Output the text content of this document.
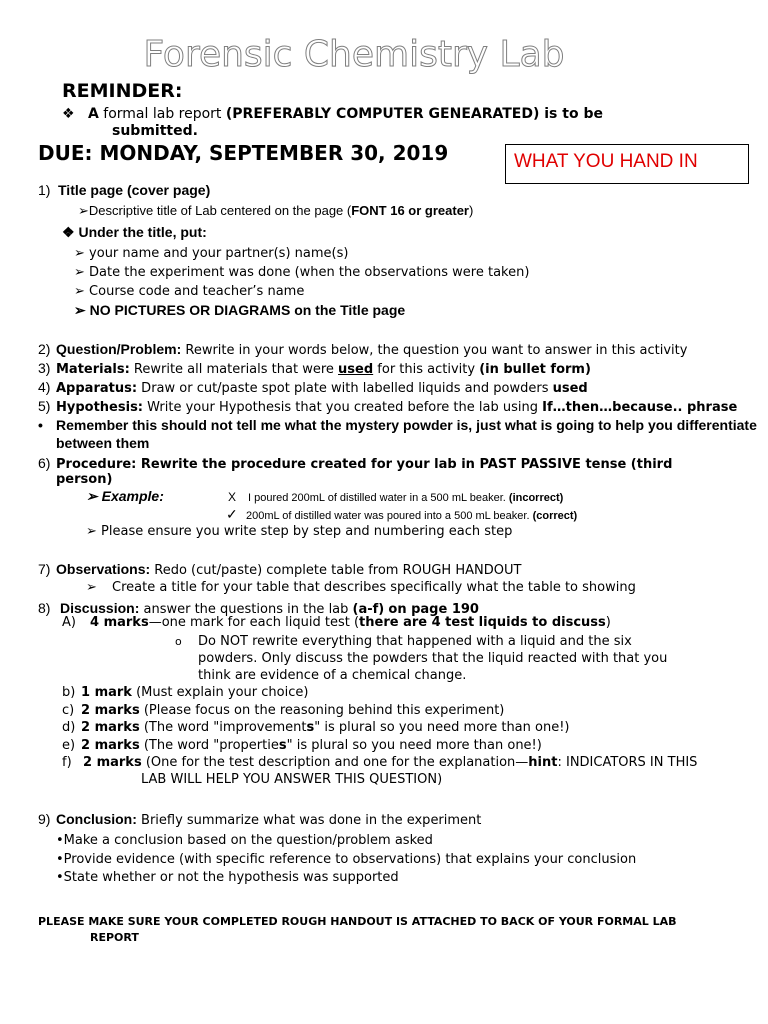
Forensic Chemistry Lab
REMINDER:
❖ A formal lab report (PREFERABLY COMPUTER GENEARATED) is to be
submitted.
DUE: MONDAY, SEPTEMBER 30, 2019	WHAT YOU HAND IN
1) Title page (cover page)
➢Descriptive title of Lab centered on the page (FONT 16 or greater)
❖ Under the title, put:
➢ your name and your partner(s) name(s)
➢ Date the experiment was done (when the observations were taken)
➢ Course code and teacher’s name
➢ NO PICTURES OR DIAGRAMS on the Title page
2) Question/Problem: Rewrite in your words below, the question you want to answer in this activity
3) Materials: Rewrite all materials that were used for this activity (in bullet form)
4) Apparatus: Draw or cut/paste spot plate with labelled liquids and powders used
5) Hypothesis: Write your Hypothesis that you created before the lab using If…then…because.. phrase
• Remember this should not tell me what the mystery powder is, just what is going to help you differentiate
between them
6) Procedure: Rewrite the procedure created for your lab in PAST PASSIVE tense (third
person)
➢ Example:	X I poured 200mL of distilled water in a 500 mL beaker. (incorrect)
✓ 200mL of distilled water was poured into a 500 mL beaker. (correct)
➢ Please ensure you write step by step and numbering each step
7) Observations: Redo (cut/paste) complete table from ROUGH HANDOUT
➢ Create a title for your table that describes specifically what the table to showing
8) Discussion: answer the questions in the lab (a-f) on page 190
A) 4 marks—one mark for each liquid test (there are 4 test liquids to discuss)
o Do NOT rewrite everything that happened with a liquid and the six
powders. Only discuss the powders that the liquid reacted with that you
think are evidence of a chemical change.
b) 1 mark (Must explain your choice)
c) 2 marks (Please focus on the reasoning behind this experiment)
d) 2 marks (The word "improvements" is plural so you need more than one!)
e) 2 marks (The word "properties" is plural so you need more than one!)
f) 2 marks (One for the test description and one for the explanation—hint: INDICATORS IN THIS
LAB WILL HELP YOU ANSWER THIS QUESTION)
9) Conclusion: Briefly summarize what was done in the experiment
•Make a conclusion based on the question/problem asked
•Provide evidence (with specific reference to observations) that explains your conclusion
•State whether or not the hypothesis was supported
PLEASE MAKE SURE YOUR COMPLETED ROUGH HANDOUT IS ATTACHED TO BACK OF YOUR FORMAL LAB
REPORT
